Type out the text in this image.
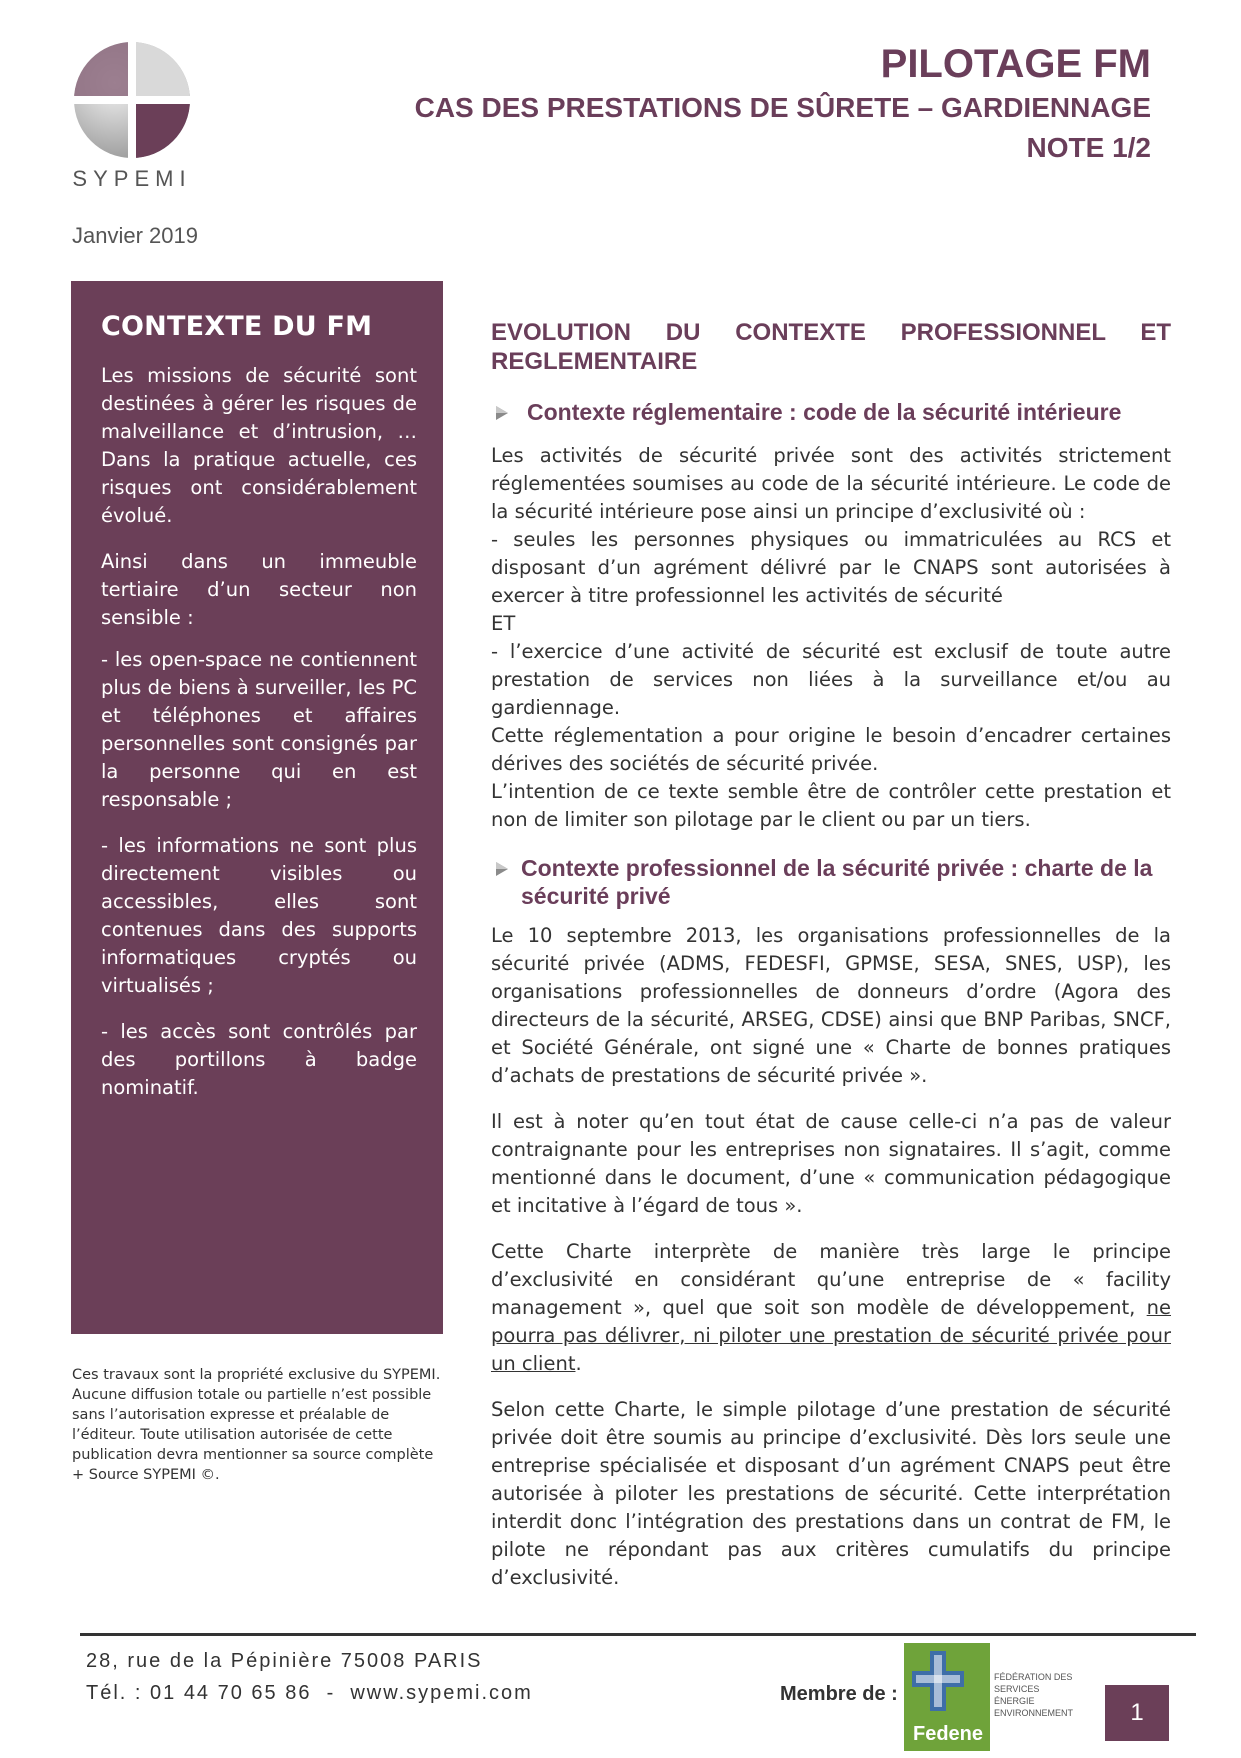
SYPEMI
PILOTAGE FM
CAS DES PRESTATIONS DE SÛRETE – GARDIENNAGE
NOTE 1/2
Janvier 2019
CONTEXTE DU FM

Les missions de sécurité sont destinées à gérer les risques de malveillance et d’intrusion, … Dans la pratique actuelle, ces risques ont considérablement évolué.

Ainsi dans un immeuble tertiaire d’un secteur non sensible :

- les open-space ne contiennent plus de biens à surveiller, les PC et téléphones et affaires personnelles sont consignés par la personne qui en est responsable ;

- les informations ne sont plus directement visibles ou accessibles, elles sont contenues dans des supports informatiques cryptés ou virtualisés ;

- les accès sont contrôlés par des portillons à badge nominatif.

Ces travaux sont la propriété exclusive du SYPEMI. Aucune diffusion totale ou partielle n’est possible sans l’autorisation expresse et préalable de l’éditeur. Toute utilisation autorisée de cette publication devra mentionner sa source complète + Source SYPEMI ©.
EVOLUTION DU CONTEXTE PROFESSIONNEL ET
REGLEMENTAIRE
Contexte réglementaire : code de la sécurité intérieure

Les activités de sécurité privée sont des activités strictement réglementées soumises au code de la sécurité intérieure. Le code de la sécurité intérieure pose ainsi un principe d’exclusivité où :

- seules les personnes physiques ou immatriculées au RCS et disposant d’un agrément délivré par le CNAPS sont autorisées à exercer à titre professionnel les activités de sécurité

ET

- l’exercice d’une activité de sécurité est exclusif de toute autre prestation de services non liées à la surveillance et/ou au gardiennage.

Cette réglementation a pour origine le besoin d’encadrer certaines dérives des sociétés de sécurité privée.

L’intention de ce texte semble être de contrôler cette prestation et non de limiter son pilotage par le client ou par un tiers.

Contexte professionnel de la sécurité privée : charte de la sécurité privé

Le 10 septembre 2013, les organisations professionnelles de la sécurité privée (ADMS, FEDESFI, GPMSE, SESA, SNES, USP), les organisations professionnelles de donneurs d’ordre (Agora des directeurs de la sécurité, ARSEG, CDSE) ainsi que BNP Paribas, SNCF, et Société Générale, ont signé une « Charte de bonnes pratiques d’achats de prestations de sécurité privée ».

Il est à noter qu’en tout état de cause celle-ci n’a pas de valeur contraignante pour les entreprises non signataires. Il s’agit, comme mentionné dans le document, d’une « communication pédagogique et incitative à l’égard de tous ».

Cette Charte interprète de manière très large le principe d’exclusivité en considérant qu’une entreprise de « facility management », quel que soit son modèle de développement, ne pourra pas délivrer, ni piloter une prestation de sécurité privée pour un client.

Selon cette Charte, le simple pilotage d’une prestation de sécurité privée doit être soumis au principe d’exclusivité. Dès lors seule une entreprise spécialisée et disposant d’un agrément CNAPS peut être autorisée à piloter les prestations de sécurité. Cette interprétation interdit donc l’intégration des prestations dans un contrat de FM, le pilote ne répondant pas aux critères cumulatifs du principe d’exclusivité.

28, rue de la Pépinière 75008 PARIS
Tél. : 01 44 70 65 86  -  www.sypemi.com	Membre de :
Fedene
FÉDÉRATION DES SERVICES ÉNERGIE ENVIRONNEMENT	1
